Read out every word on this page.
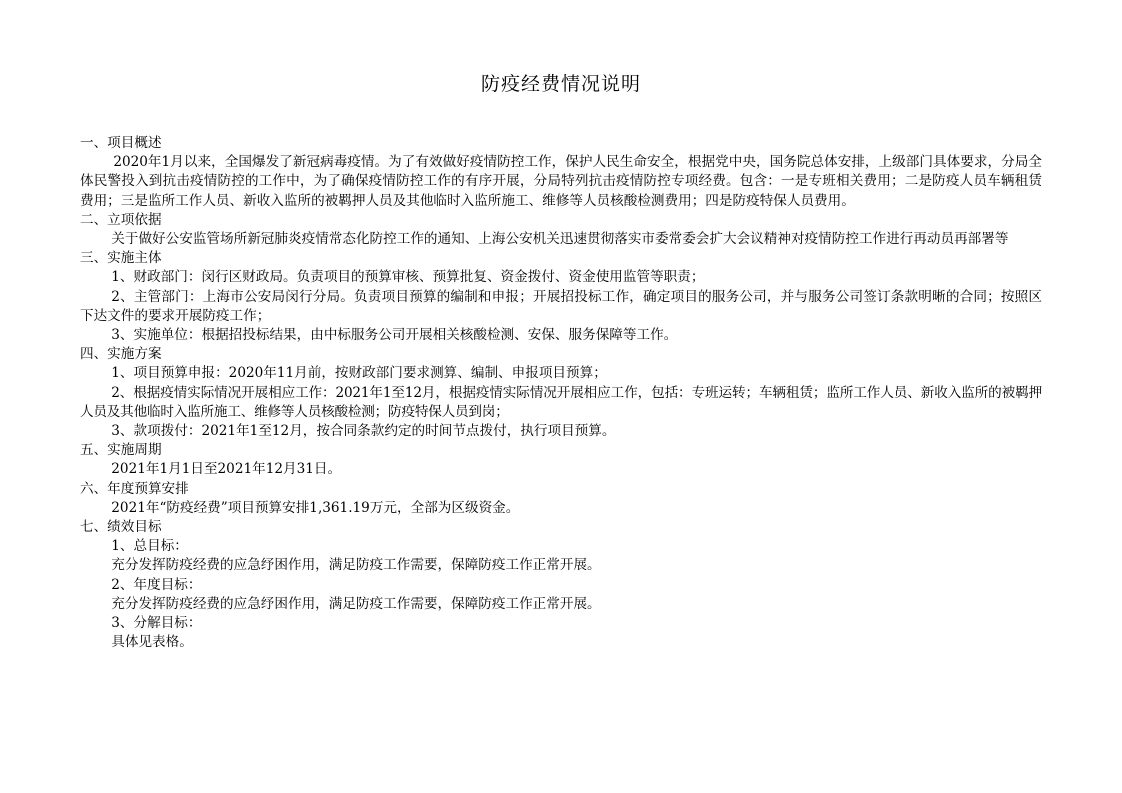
防疫经费情况说明

一、项目概述

2020年1月以来，全国爆发了新冠病毒疫情。为了有效做好疫情防控工作，保护人民生命安全，根据党中央，国务院总体安排，上级部门具体要求，分局全体民警投入到抗击疫情防控的工作中，为了确保疫情防控工作的有序开展，分局特列抗击疫情防控专项经费。包含：一是专班相关费用；二是防疫人员车辆租赁费用；三是监所工作人员、新收入监所的被羁押人员及其他临时入监所施工、维修等人员核酸检测费用；四是防疫特保人员费用。

二、立项依据

关于做好公安监管场所新冠肺炎疫情常态化防控工作的通知、上海公安机关迅速贯彻落实市委常委会扩大会议精神对疫情防控工作进行再动员再部署等

三、实施主体

1、财政部门：闵行区财政局。负责项目的预算审核、预算批复、资金拨付、资金使用监管等职责；

2、主管部门：上海市公安局闵行分局。负责项目预算的编制和申报；开展招投标工作，确定项目的服务公司，并与服务公司签订条款明晰的合同；按照区下达文件的要求开展防疫工作；

3、实施单位：根据招投标结果，由中标服务公司开展相关核酸检测、安保、服务保障等工作。

四、实施方案

1、项目预算申报：2020年11月前，按财政部门要求测算、编制、申报项目预算；

2、根据疫情实际情况开展相应工作：2021年1至12月，根据疫情实际情况开展相应工作，包括：专班运转；车辆租赁；监所工作人员、新收入监所的被羁押人员及其他临时入监所施工、维修等人员核酸检测；防疫特保人员到岗；

3、款项拨付：2021年1至12月，按合同条款约定的时间节点拨付，执行项目预算。

五、实施周期

2021年1月1日至2021年12月31日。

六、年度预算安排

2021年“防疫经费”项目预算安排1,361.19万元，全部为区级资金。

七、绩效目标

1、总目标：

充分发挥防疫经费的应急纾困作用，满足防疫工作需要，保障防疫工作正常开展。

2、年度目标：

充分发挥防疫经费的应急纾困作用，满足防疫工作需要，保障防疫工作正常开展。

3、分解目标：

具体见表格。
